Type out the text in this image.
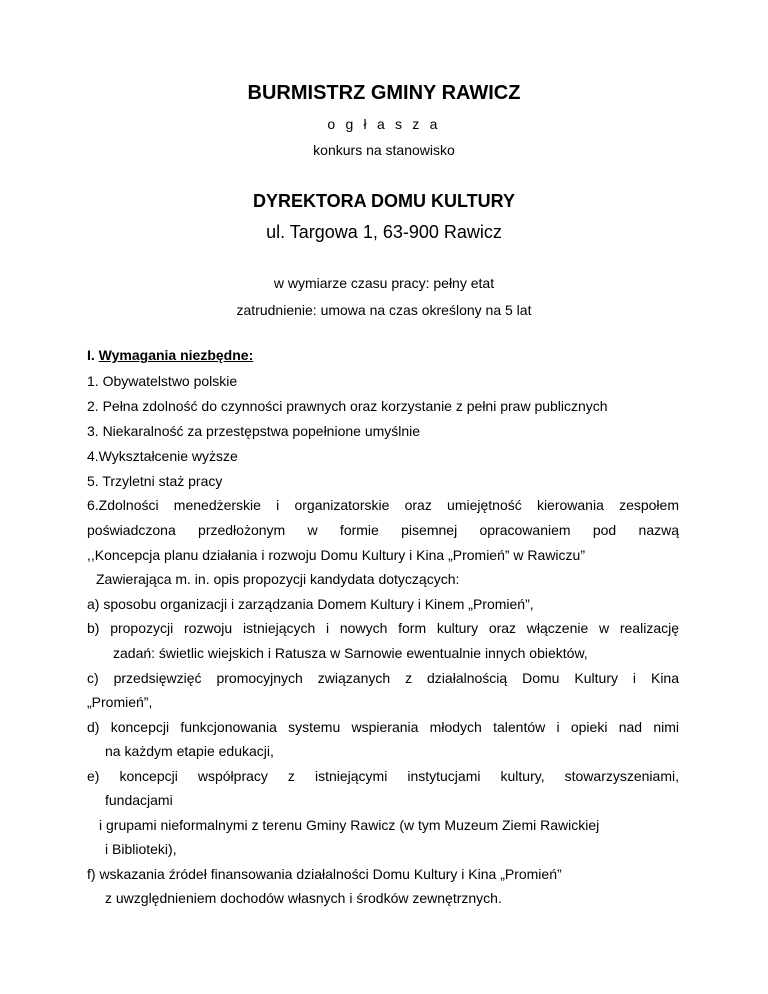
BURMISTRZ GMINY RAWICZ
o g ł a s z a
konkurs na stanowisko
DYREKTORA DOMU KULTURY
ul. Targowa 1, 63-900 Rawicz
w wymiarze czasu pracy: pełny etat
zatrudnienie: umowa na czas określony na 5 lat
I. Wymagania niezbędne:
1. Obywatelstwo polskie
2. Pełna zdolność do czynności prawnych oraz korzystanie z pełni praw publicznych
3. Niekaralność za przestępstwa popełnione umyślnie
4.Wykształcenie wyższe
5. Trzyletni staż pracy
6.Zdolności menedżerskie i organizatorskie oraz umiejętność kierowania zespołem
poświadczona przedłożonym w formie pisemnej opracowaniem pod nazwą
,,Koncepcja planu działania i rozwoju Domu Kultury i Kina „Promień” w Rawiczu”
Zawierająca m. in. opis propozycji kandydata dotyczących:
a) sposobu organizacji i zarządzania Domem Kultury i Kinem „Promień”,
b) propozycji rozwoju istniejących i nowych form kultury oraz włączenie w realizację
zadań: świetlic wiejskich i Ratusza w Sarnowie ewentualnie innych obiektów,
c) przedsięwzięć promocyjnych związanych z działalnością Domu Kultury i Kina
„Promień”,
d) koncepcji funkcjonowania systemu wspierania młodych talentów i opieki nad nimi
na każdym etapie edukacji,
e) koncepcji współpracy z istniejącymi instytucjami kultury, stowarzyszeniami,
fundacjami
i grupami nieformalnymi z terenu Gminy Rawicz (w tym Muzeum Ziemi Rawickiej
i Biblioteki),
f) wskazania źródeł finansowania działalności Domu Kultury i Kina „Promień”
z uwzględnieniem dochodów własnych i środków zewnętrznych.
